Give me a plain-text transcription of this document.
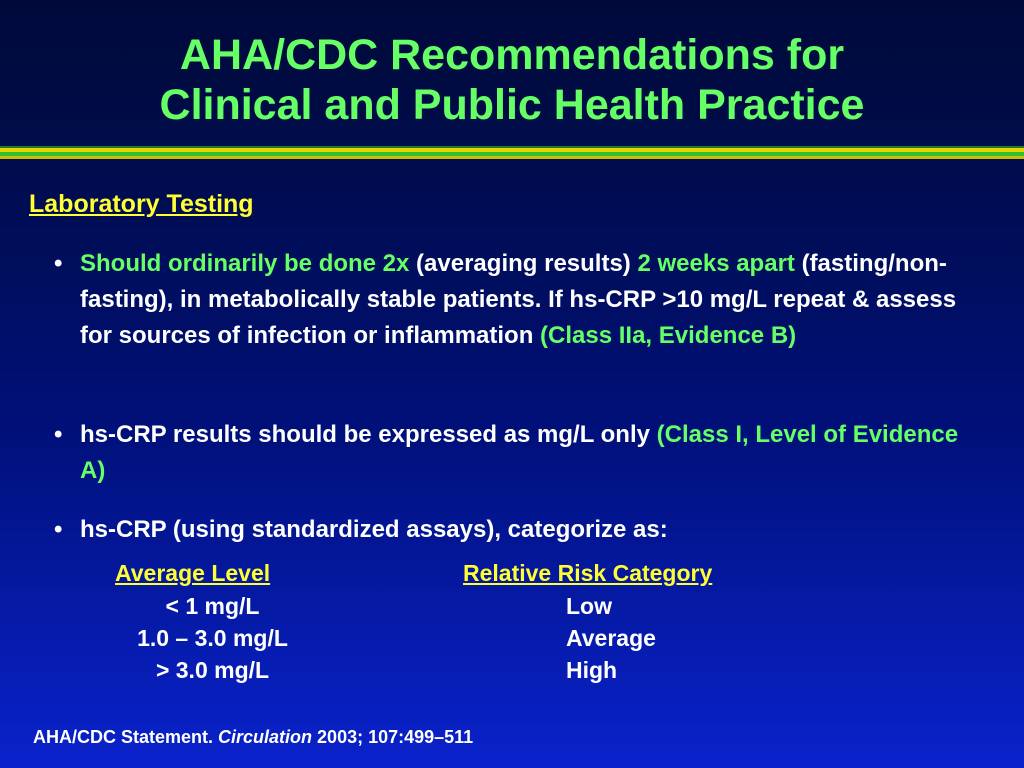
AHA/CDC Recommendations for
Clinical and Public Health Practice
Laboratory Testing
• Should ordinarily be done 2x (averaging results) 2 weeks apart (fasting/non-fasting), in metabolically stable patients. If hs-CRP >10 mg/L repeat & assess for sources of infection or inflammation (Class IIa, Evidence B)
• hs-CRP results should be expressed as mg/L only (Class I, Level of Evidence A)
• hs-CRP (using standardized assays), categorize as:
Average Level	Relative Risk Category
< 1 mg/L	Low
1.0 – 3.0 mg/L	Average
> 3.0 mg/L	High
AHA/CDC Statement. Circulation 2003; 107:499–511
